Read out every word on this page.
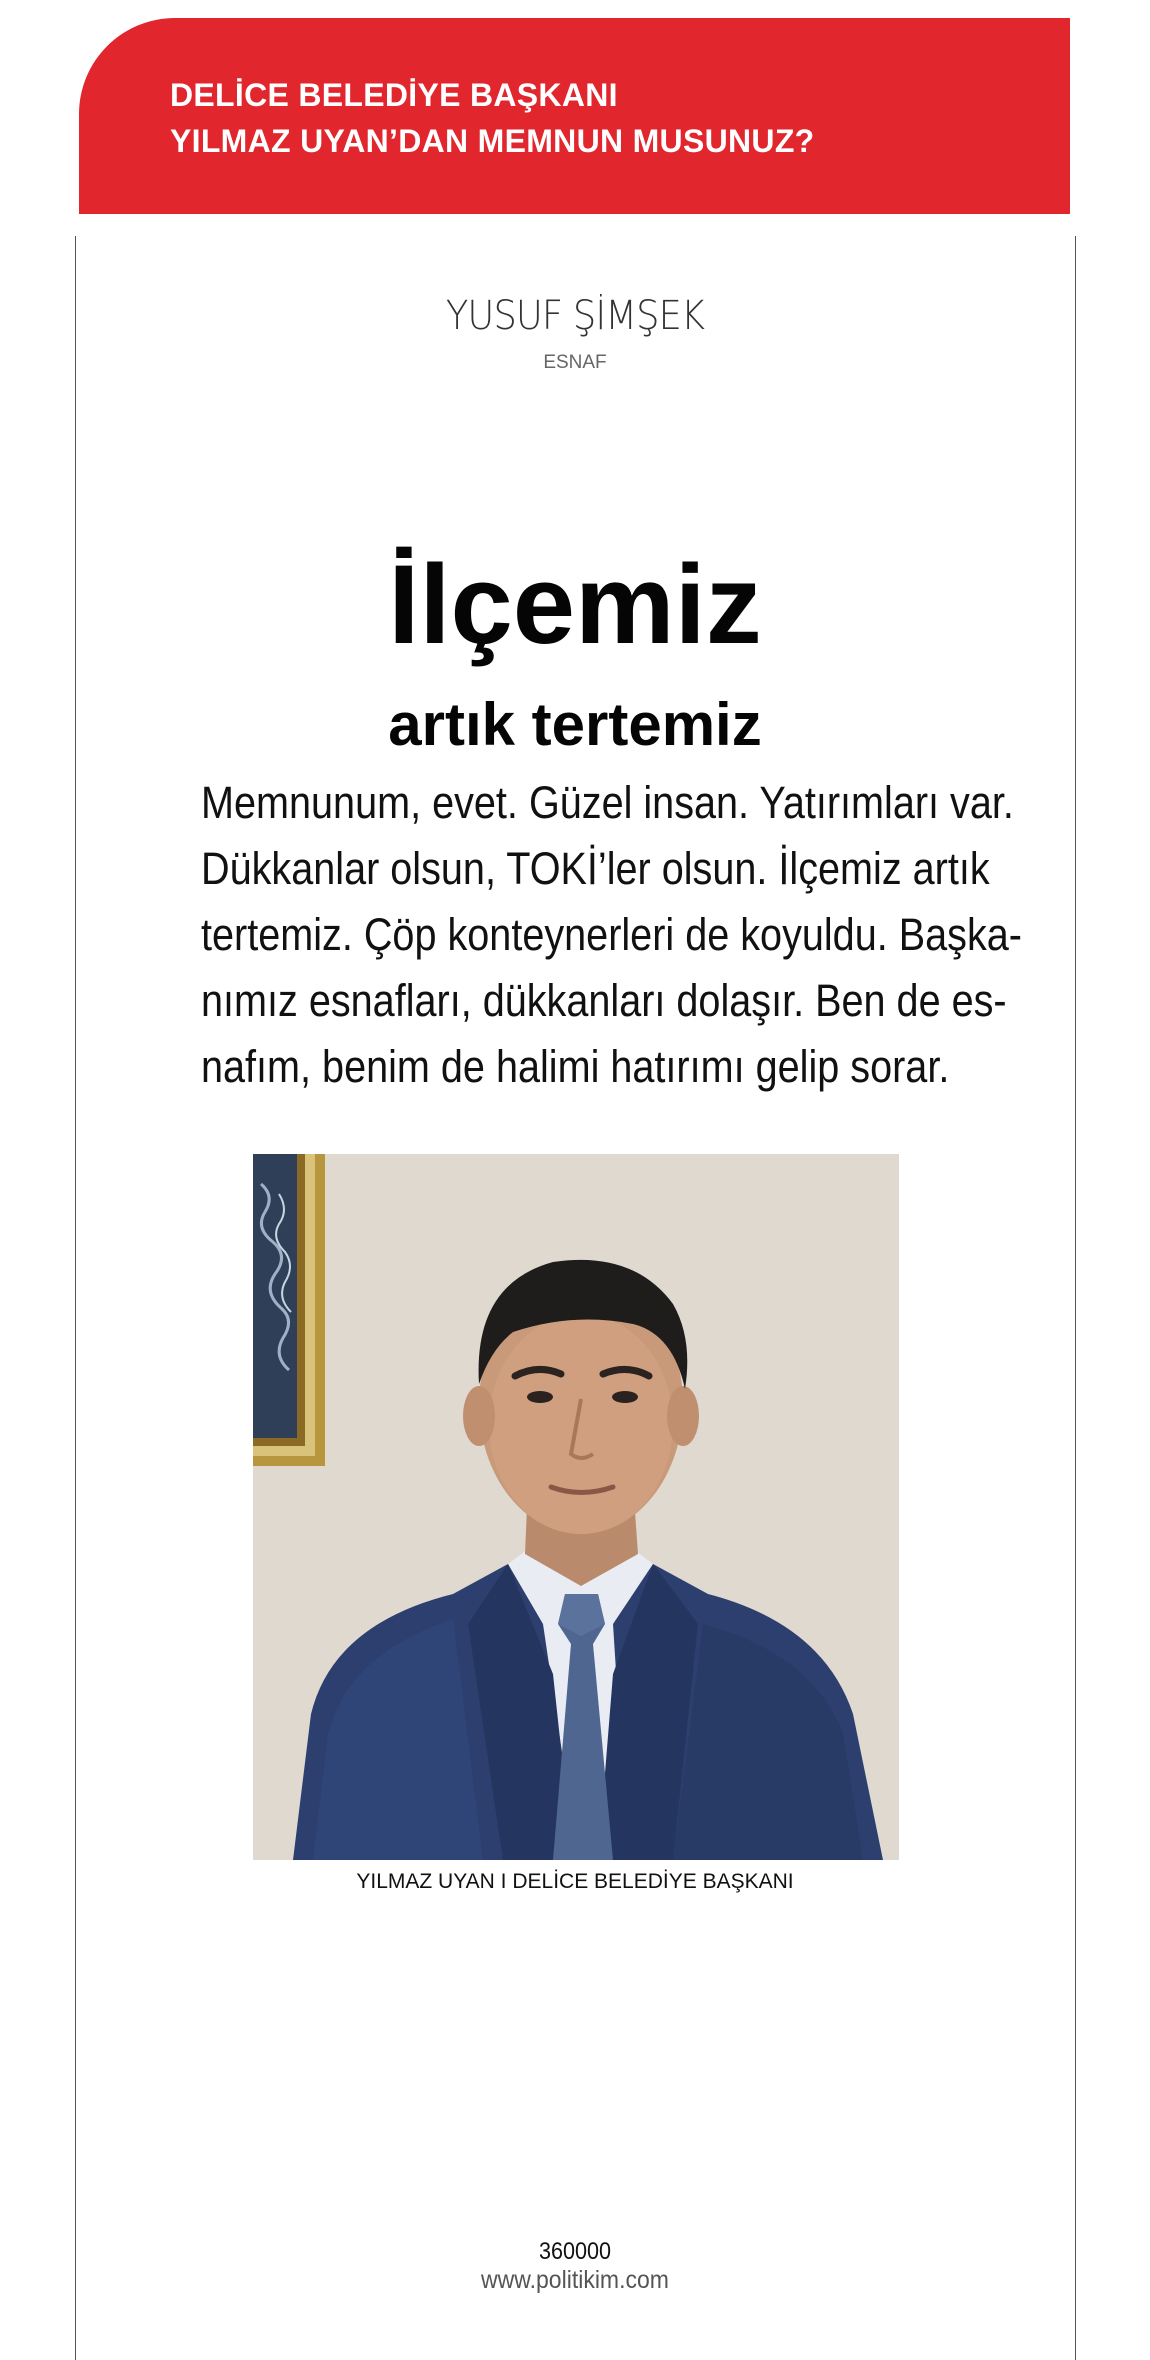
DELİCE BELEDİYE BAŞKANI
YILMAZ UYAN’DAN MEMNUN MUSUNUZ?
YUSUF ŞİMŞEK
ESNAF
İlçemiz
artık tertemiz
Memnunum, evet. Güzel insan. Yatırımları var.
Dükkanlar olsun, TOKİ’ler olsun. İlçemiz artık
tertemiz. Çöp konteynerleri de koyuldu. Başka-
nımız esnafları, dükkanları dolaşır. Ben de es-
nafım, benim de halimi hatırımı gelip sorar.
YILMAZ UYAN I DELİCE BELEDİYE BAŞKANI
360000
www.politikim.com
